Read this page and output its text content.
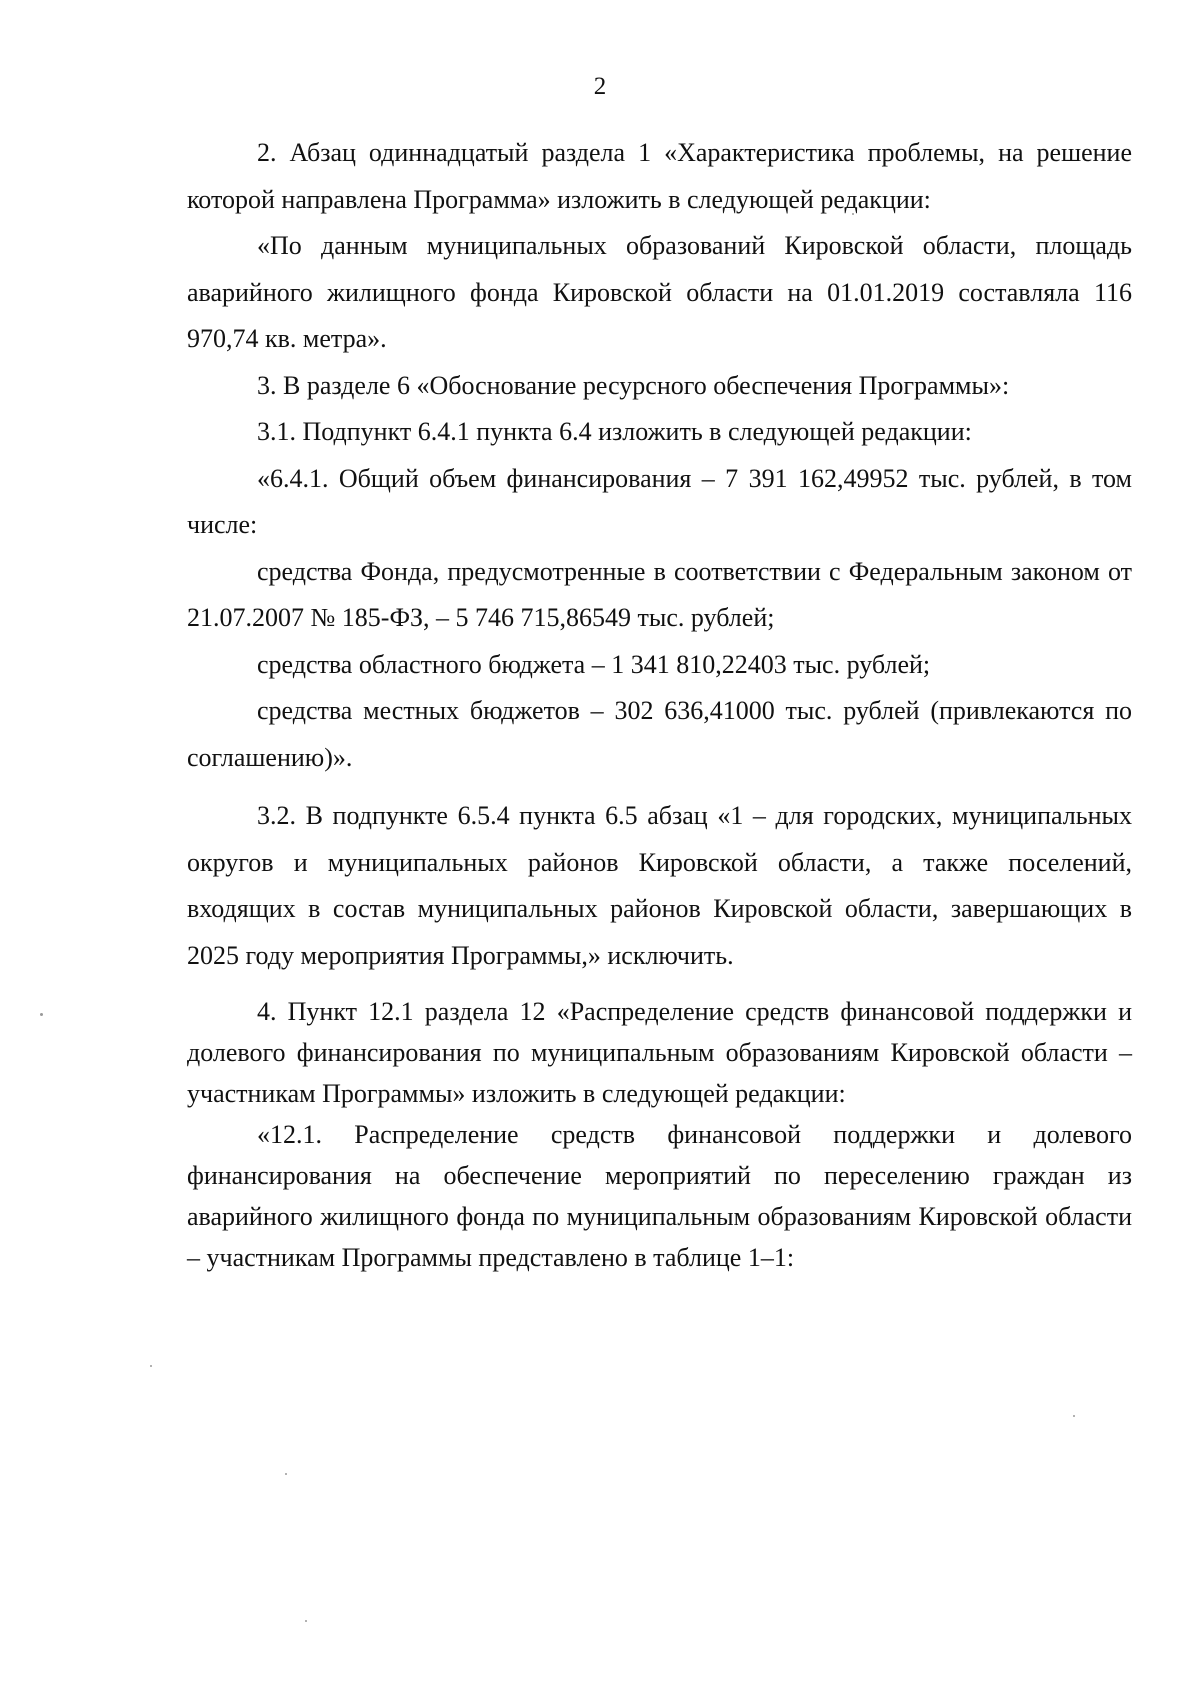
2

2. Абзац одиннадцатый раздела 1 «Характеристика проблемы, на решение которой направлена Программа» изложить в следующей редакции:

«По данным муниципальных образований Кировской области, площадь аварийного жилищного фонда Кировской области на 01.01.2019 составляла 116 970,74 кв. метра».

3. В разделе 6 «Обоснование ресурсного обеспечения Программы»:

3.1. Подпункт 6.4.1 пункта 6.4 изложить в следующей редакции:

«6.4.1. Общий объем финансирования – 7 391 162,49952 тыс. рублей, в том числе:

средства Фонда, предусмотренные в соответствии с Федеральным законом от 21.07.2007 № 185-ФЗ, – 5 746 715,86549 тыс. рублей;

средства областного бюджета – 1 341 810,22403 тыс. рублей;

средства местных бюджетов – 302 636,41000 тыс. рублей (привлекаются по соглашению)».

3.2. В подпункте 6.5.4 пункта 6.5 абзац «1 – для городских, муниципальных округов и муниципальных районов Кировской области, а также поселений, входящих в состав муниципальных районов Кировской области, завершающих в 2025 году мероприятия Программы,» исключить.

4. Пункт 12.1 раздела 12 «Распределение средств финансовой поддержки и долевого финансирования по муниципальным образованиям Кировской области – участникам Программы» изложить в следующей редакции:

«12.1. Распределение средств финансовой поддержки и долевого финансирования на обеспечение мероприятий по переселению граждан из аварийного жилищного фонда по муниципальным образованиям Кировской области – участникам Программы представлено в таблице 1–1:
